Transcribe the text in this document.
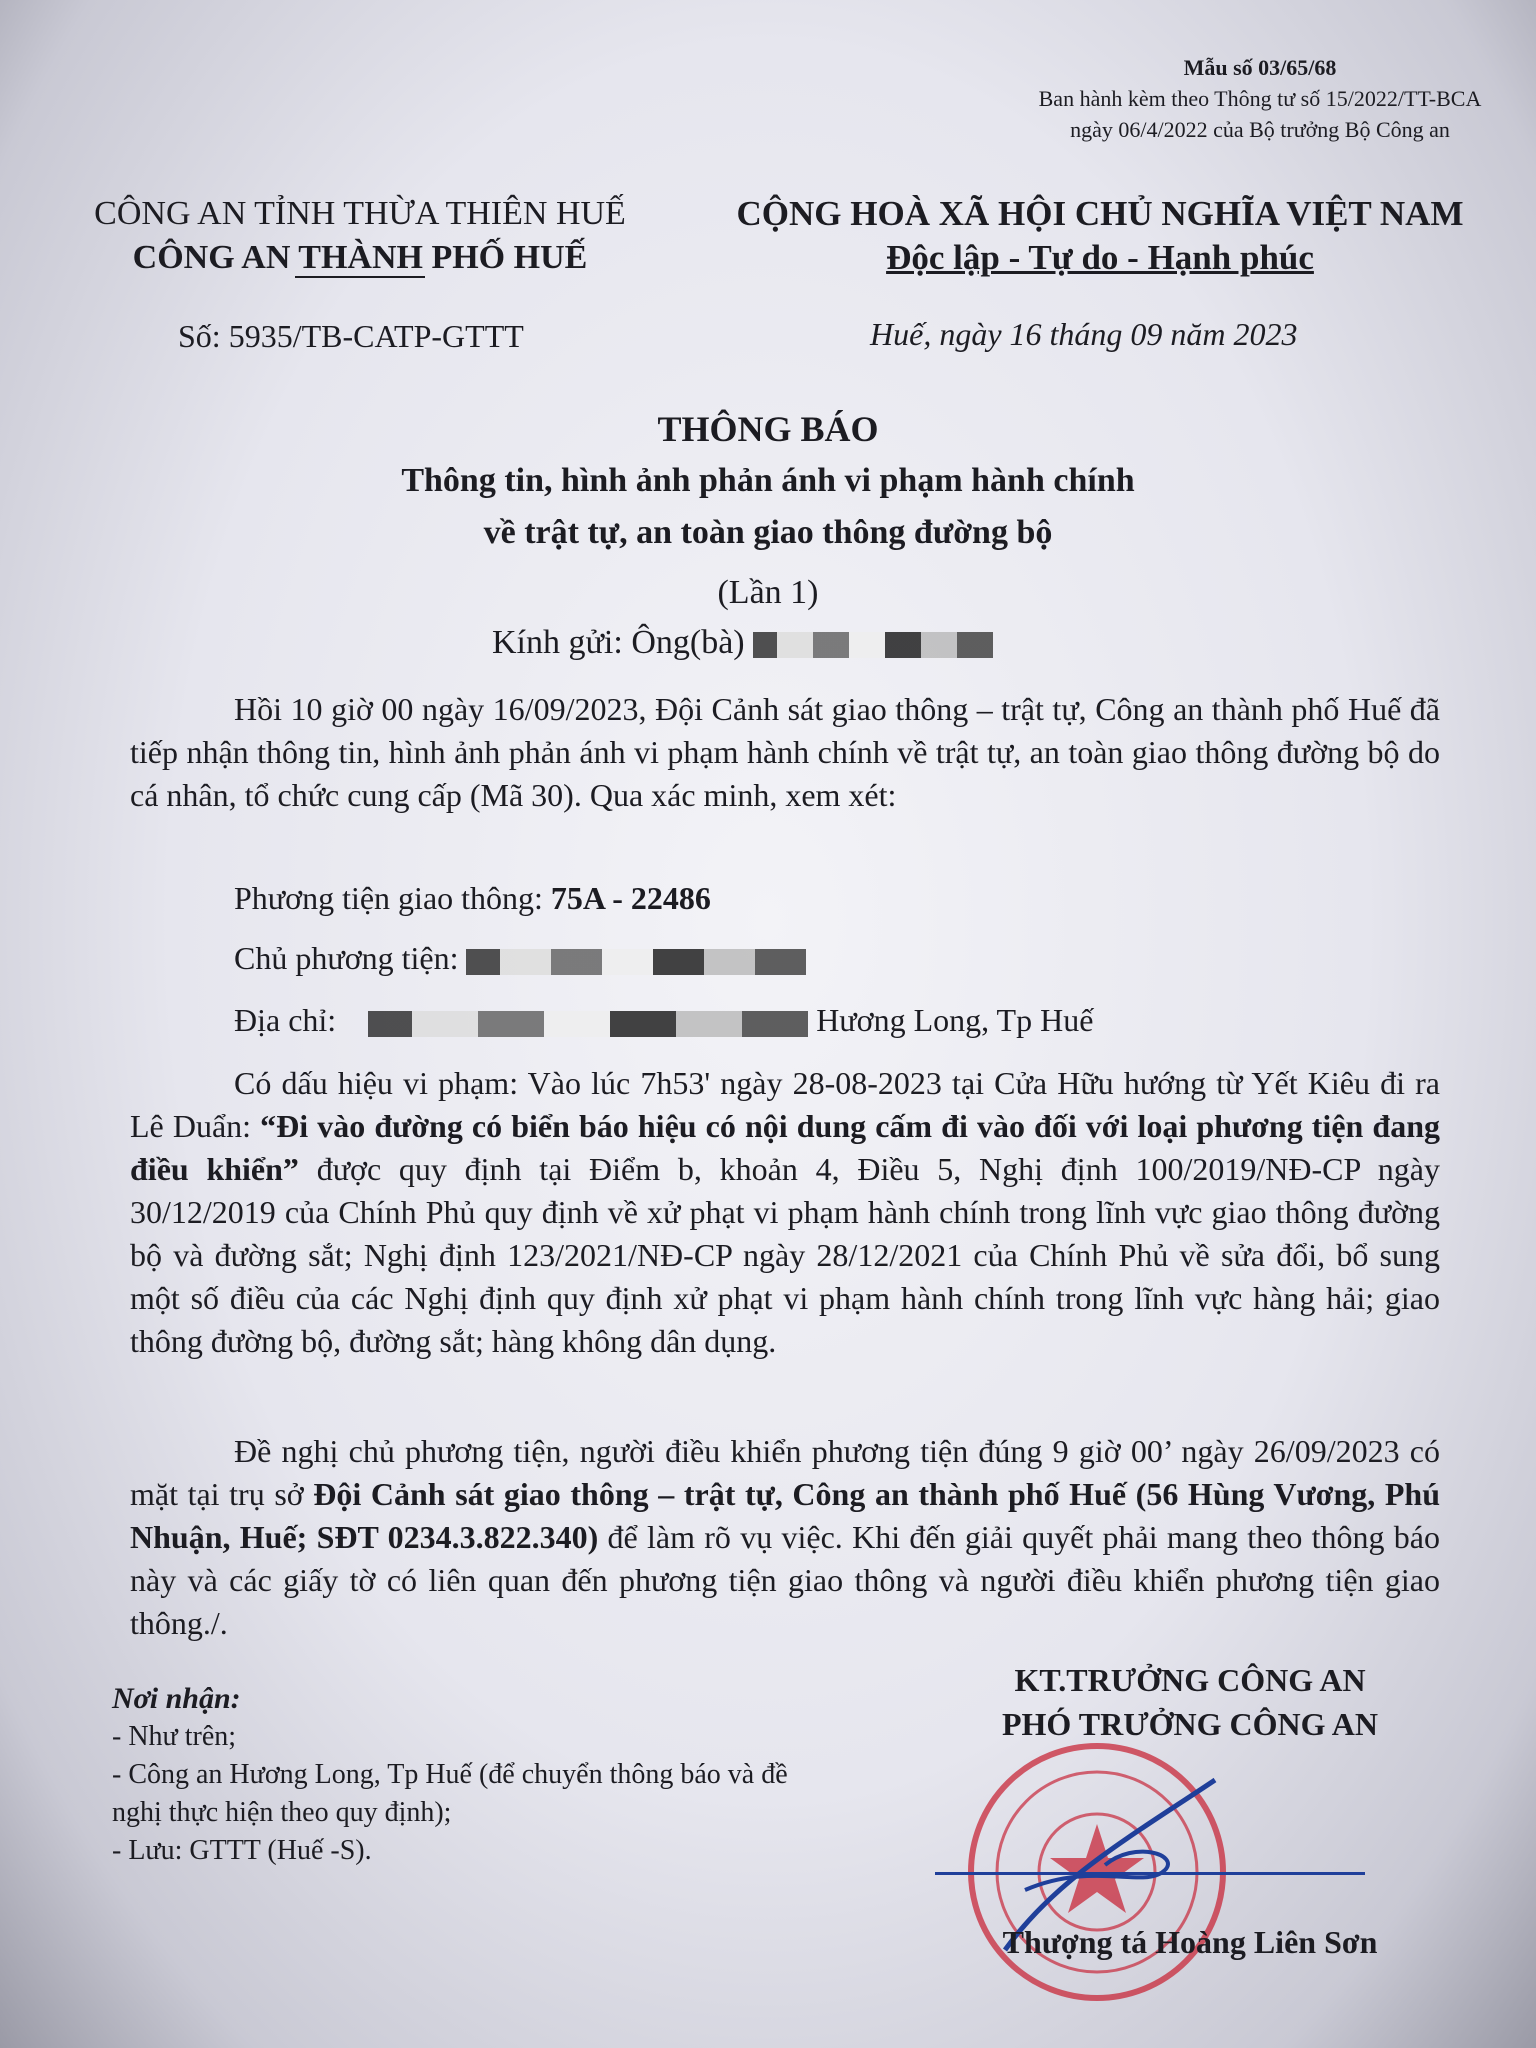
Mẫu số 03/65/68
Ban hành kèm theo Thông tư số 15/2022/TT-BCA
ngày 06/4/2022 của Bộ trưởng Bộ Công an
CÔNG AN TỈNH THỪA THIÊN HUẾ
CÔNG AN THÀNH PHỐ HUẾ
CỘNG HOÀ XÃ HỘI CHỦ NGHĨA VIỆT NAM
Độc lập - Tự do - Hạnh phúc
Số: 5935/TB-CATP-GTTT	Huế, ngày 16 tháng 09 năm 2023
THÔNG BÁO
Thông tin, hình ảnh phản ánh vi phạm hành chính
về trật tự, an toàn giao thông đường bộ
(Lần 1)
Kính gửi: Ông(bà)

Hồi 10 giờ 00 ngày 16/09/2023, Đội Cảnh sát giao thông – trật tự, Công an thành phố Huế đã tiếp nhận thông tin, hình ảnh phản ánh vi phạm hành chính về trật tự, an toàn giao thông đường bộ do cá nhân, tổ chức cung cấp (Mã 30). Qua xác minh, xem xét:

Phương tiện giao thông: 75A - 22486
Chủ phương tiện:
Địa chỉ:	Hương Long, Tp Huế

Có dấu hiệu vi phạm: Vào lúc 7h53' ngày 28-08-2023 tại Cửa Hữu hướng từ Yết Kiêu đi ra Lê Duẩn: “Đi vào đường có biển báo hiệu có nội dung cấm đi vào đối với loại phương tiện đang điều khiển” được quy định tại Điểm b, khoản 4, Điều 5, Nghị định 100/2019/NĐ-CP ngày 30/12/2019 của Chính Phủ quy định về xử phạt vi phạm hành chính trong lĩnh vực giao thông đường bộ và đường sắt; Nghị định 123/2021/NĐ-CP ngày 28/12/2021 của Chính Phủ về sửa đổi, bổ sung một số điều của các Nghị định quy định xử phạt vi phạm hành chính trong lĩnh vực hàng hải; giao thông đường bộ, đường sắt; hàng không dân dụng.

Đề nghị chủ phương tiện, người điều khiển phương tiện đúng 9 giờ 00’ ngày 26/09/2023 có mặt tại trụ sở Đội Cảnh sát giao thông – trật tự, Công an thành phố Huế (56 Hùng Vương, Phú Nhuận, Huế; SĐT 0234.3.822.340) để làm rõ vụ việc. Khi đến giải quyết phải mang theo thông báo này và các giấy tờ có liên quan đến phương tiện giao thông và người điều khiển phương tiện giao thông./.

Nơi nhận:
- Như trên;
- Công an Hương Long, Tp Huế (để chuyển thông báo và đề nghị thực hiện theo quy định);
- Lưu: GTTT (Huế -S).
KT.TRƯỞNG CÔNG AN
PHÓ TRƯỞNG CÔNG AN
Thượng tá Hoàng Liên Sơn
